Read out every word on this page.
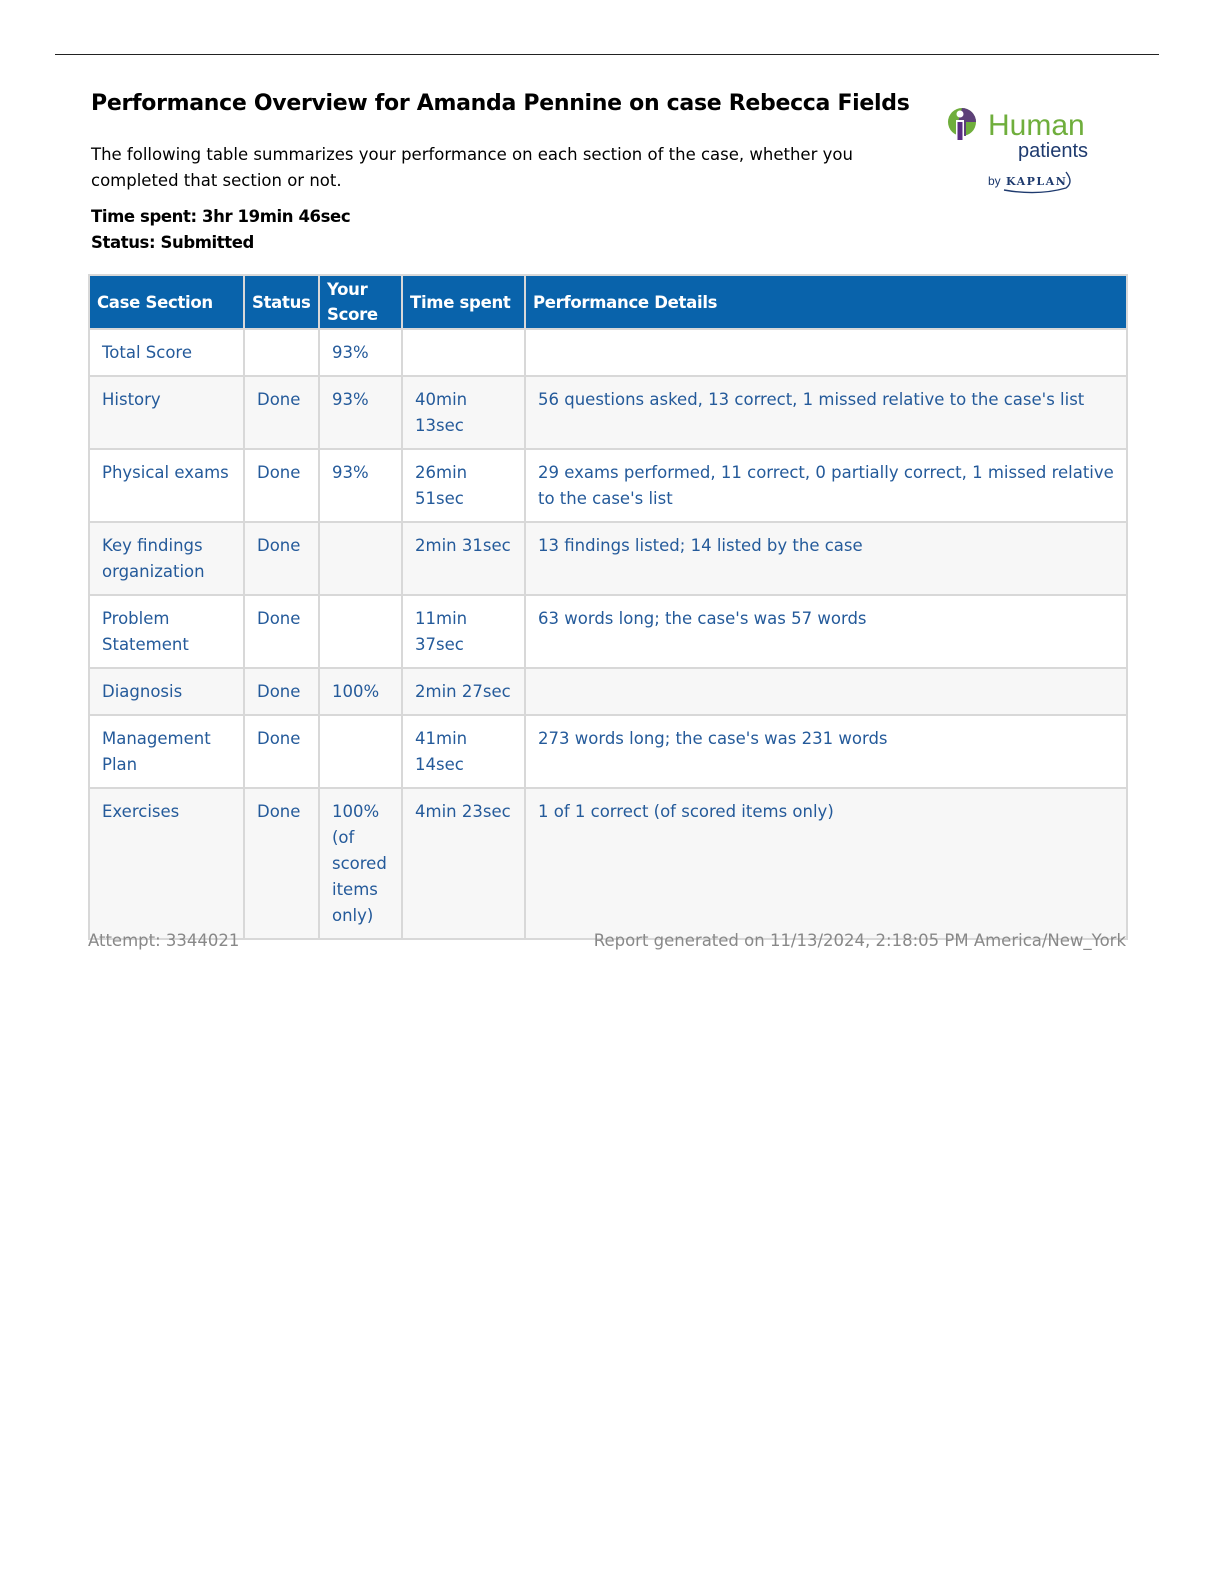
Performance Overview for Amanda Pennine on case Rebecca Fields

The following table summarizes your performance on each section of the case, whether you completed that section or not.

Time spent: 3hr 19min 46sec
Status: Submitted
Human
patients
by KAPLAN
Case Section	Status	Your Score	Time spent	Performance Details
Total Score		93%		
History	Done	93%	40min 13sec	56 questions asked, 13 correct, 1 missed relative to the case's list
Physical exams	Done	93%	26min 51sec	29 exams performed, 11 correct, 0 partially correct, 1 missed relative to the case's list
Key findings organization	Done		2min 31sec	13 findings listed; 14 listed by the case
Problem Statement	Done		11min 37sec	63 words long; the case's was 57 words
Diagnosis	Done	100%	2min 27sec	
Management Plan	Done		41min 14sec	273 words long; the case's was 231 words
Exercises	Done	100% (of scored items only)	4min 23sec	1 of 1 correct (of scored items only)
Attempt: 3344021	Report generated on 11/13/2024, 2:18:05 PM America/New_York
